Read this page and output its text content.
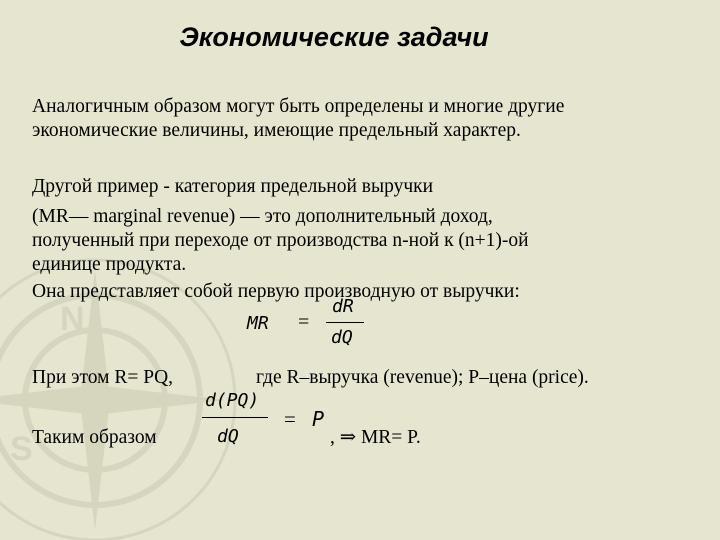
N
S
Экономические задачи
Аналогичным образом могут быть определены и многие другие
экономические величины, имеющие предельный характер.
Другой пример - категория предельной выручки
(MR— marginal revenue) — это дополнительный доход,
полученный при переходе от производства n-ной к (n+1)-ой
единице продукта.
Она представляет собой первую производную от выручки:
MR =
dR
dQ
При этом R= PQ,	где R–выручка (revenue); P–цена (price).
d(PQ)
dQ
= P
Таким образом	, ⇒ MR= P.
